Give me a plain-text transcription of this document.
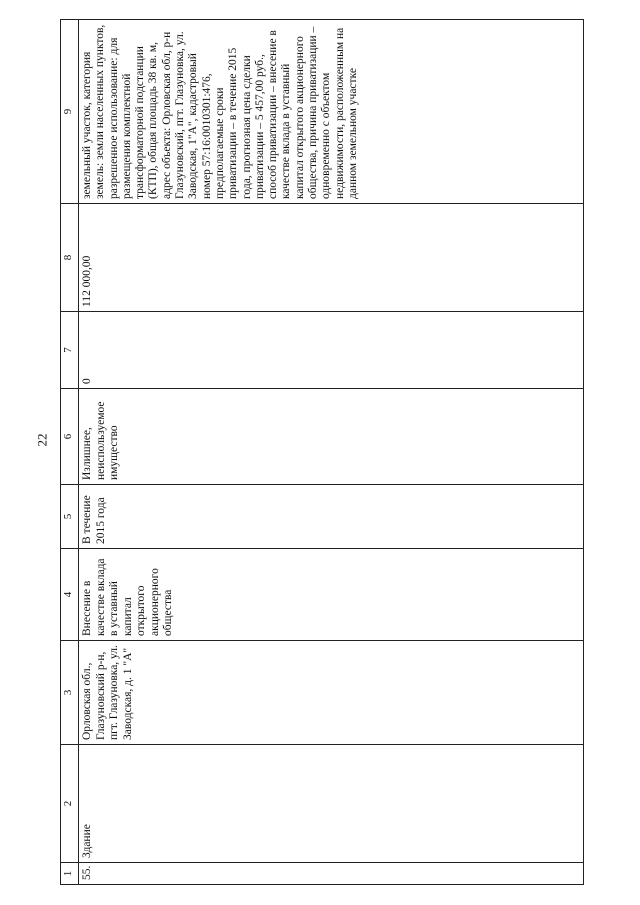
22
1	2	3	4	5	6	7	8	9
55.	Здание	Орловская обл., Глазуновский р-н, пгт. Глазуновка, ул. Заводская, д. 1 "А"	Внесение в качестве вклада в уставный капитал открытого акционерного общества	В течение 2015 года	Излишнее, неиспользуемое имущество	0	112 000,00	земельный участок, категория земель: земли населенных пунктов, разрешенное использование: для размещения комплектной трансформаторной подстанции (КТП), общая площадь 38 кв. м, адрес объекта: Орловская обл, р-н Глазуновский, пгт. Глазуновка, ул. Заводская, 1"А", кадастровый номер 57:16:0010301:476, предполагаемые сроки приватизации – в течение 2015 года, прогнозная цена сделки приватизации – 5 457,00 руб., способ приватизации – внесение в качестве вклада в уставный капитал открытого акционерного общества, причина приватизации – одновременно с объектом недвижимости, расположенным на данном земельном участке
